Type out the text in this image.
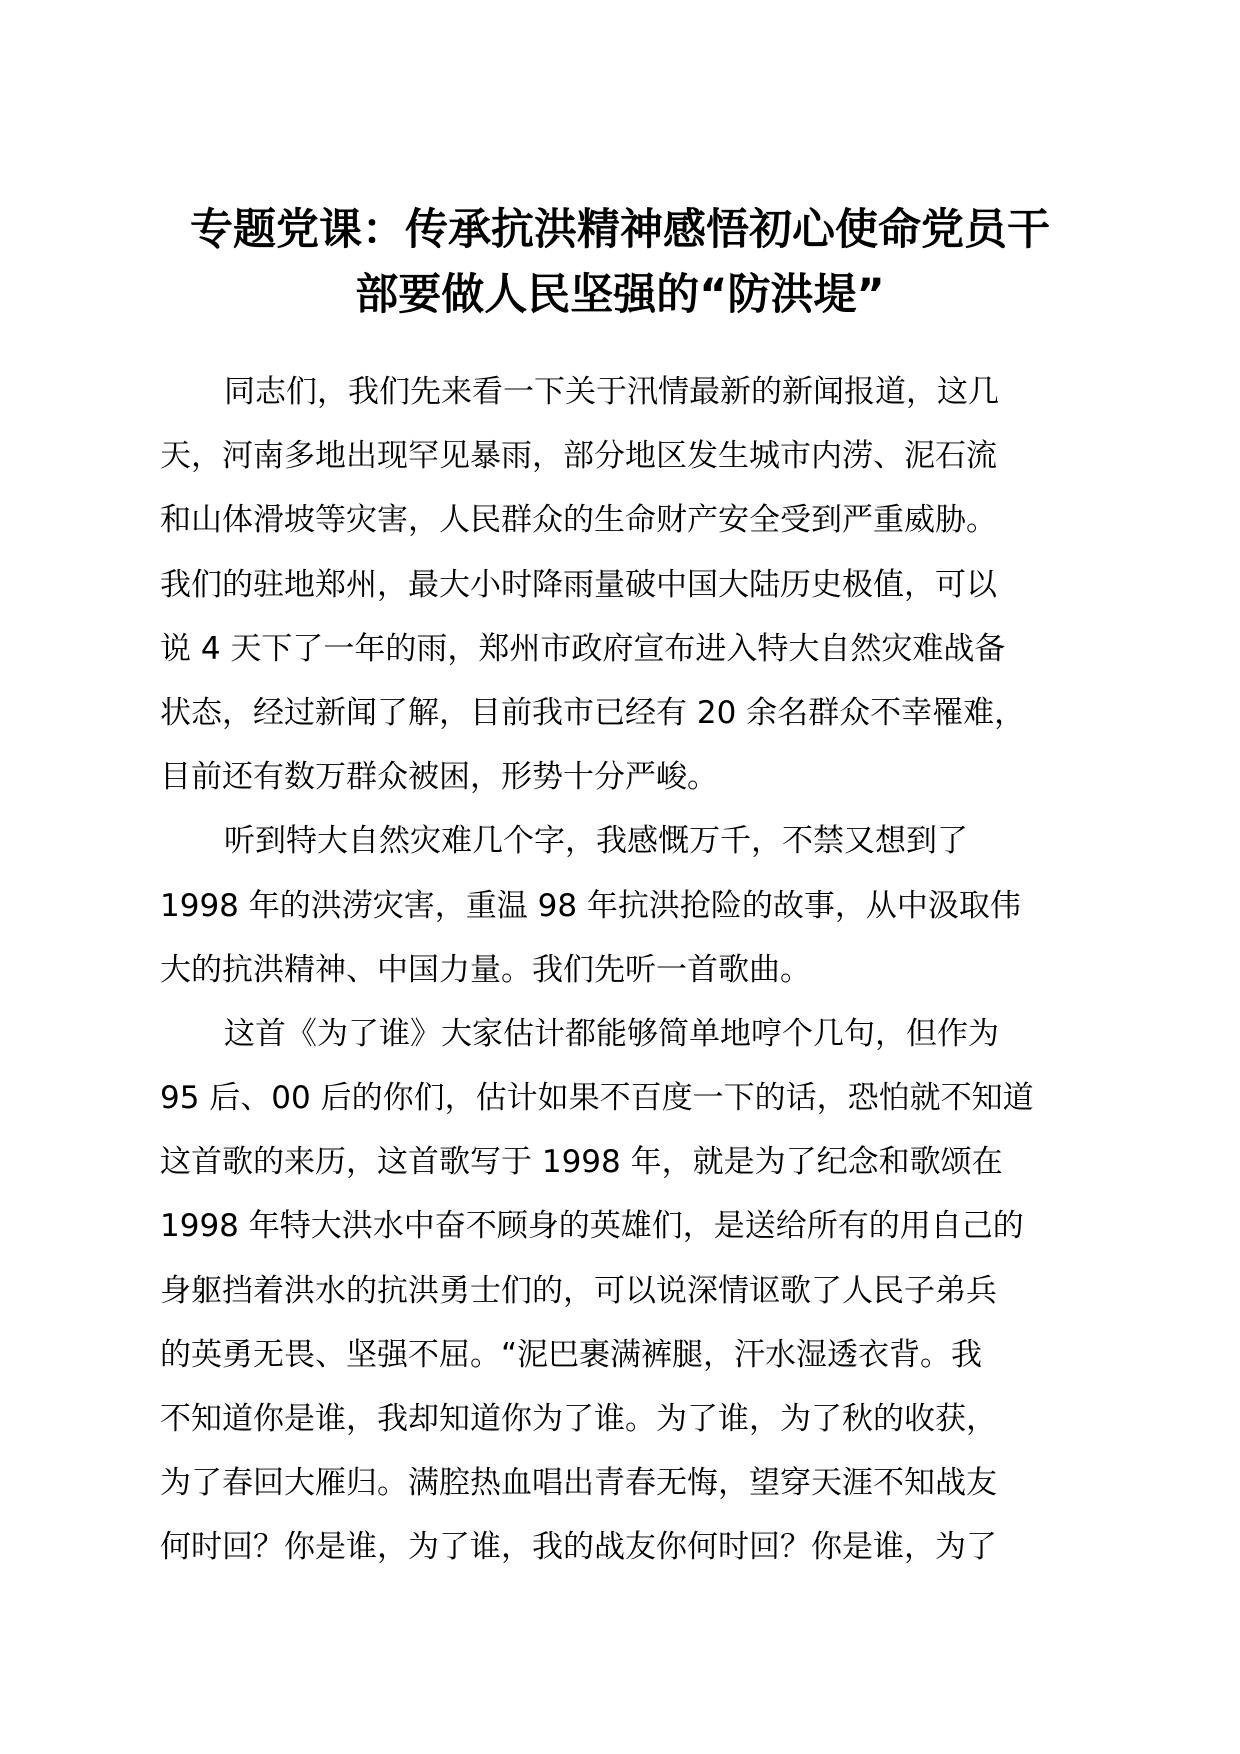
专题党课：传承抗洪精神感悟初心使命党员干
部要做人民坚强的“防洪堤”
同志们，我们先来看一下关于汛情最新的新闻报道，这几
天，河南多地出现罕见暴雨，部分地区发生城市内涝、泥石流
和山体滑坡等灾害，人民群众的生命财产安全受到严重威胁。
我们的驻地郑州，最大小时降雨量破中国大陆历史极值，可以
说 4 天下了一年的雨，郑州市政府宣布进入特大自然灾难战备
状态，经过新闻了解，目前我市已经有 20 余名群众不幸罹难，
目前还有数万群众被困，形势十分严峻。
听到特大自然灾难几个字，我感慨万千，不禁又想到了
1998 年的洪涝灾害，重温 98 年抗洪抢险的故事，从中汲取伟
大的抗洪精神、中国力量。我们先听一首歌曲。
这首《为了谁》大家估计都能够简单地哼个几句，但作为
95 后、00 后的你们，估计如果不百度一下的话，恐怕就不知道
这首歌的来历，这首歌写于 1998 年，就是为了纪念和歌颂在
1998 年特大洪水中奋不顾身的英雄们，是送给所有的用自己的
身躯挡着洪水的抗洪勇士们的，可以说深情讴歌了人民子弟兵
的英勇无畏、坚强不屈。“泥巴裹满裤腿，汗水湿透衣背。我
不知道你是谁，我却知道你为了谁。为了谁，为了秋的收获，
为了春回大雁归。满腔热血唱出青春无悔，望穿天涯不知战友
何时回？你是谁，为了谁，我的战友你何时回？你是谁，为了
